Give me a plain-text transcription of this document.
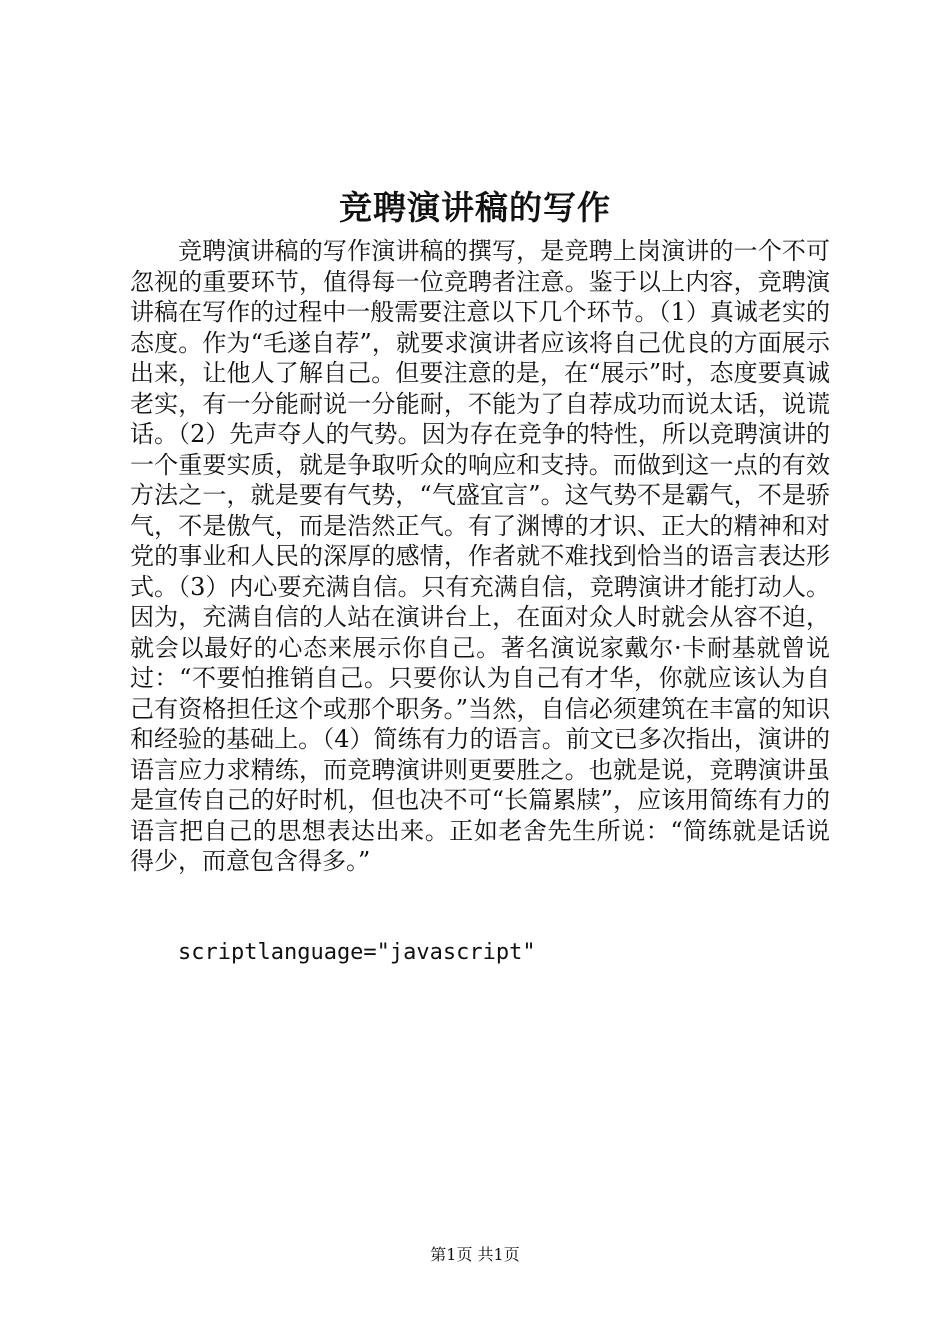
竞聘演讲稿的写作

竞聘演讲稿的写作演讲稿的撰写，是竞聘上岗演讲的一个不可忽视的重要环节，值得每一位竞聘者注意。鉴于以上内容，竞聘演讲稿在写作的过程中一般需要注意以下几个环节。（1）真诚老实的态度。作为“毛遂自荐”，就要求演讲者应该将自己优良的方面展示出来，让他人了解自己。但要注意的是，在“展示”时，态度要真诚老实，有一分能耐说一分能耐，不能为了自荐成功而说太话，说谎话。（2）先声夺人的气势。因为存在竞争的特性，所以竞聘演讲的一个重要实质，就是争取听众的响应和支持。而做到这一点的有效方法之一，就是要有气势，“气盛宜言”。这气势不是霸气，不是骄气，不是傲气，而是浩然正气。有了渊博的才识、正大的精神和对党的事业和人民的深厚的感情，作者就不难找到恰当的语言表达形式。（3）内心要充满自信。只有充满自信，竞聘演讲才能打动人。因为，充满自信的人站在演讲台上，在面对众人时就会从容不迫，就会以最好的心态来展示你自己。著名演说家戴尔·卡耐基就曾说过：“不要怕推销自己。只要你认为自己有才华，你就应该认为自己有资格担任这个或那个职务。”当然，自信必须建筑在丰富的知识和经验的基础上。（4）简练有力的语言。前文已多次指出，演讲的语言应力求精练，而竞聘演讲则更要胜之。也就是说，竞聘演讲虽是宣传自己的好时机，但也决不可“长篇累牍”，应该用简练有力的语言把自己的思想表达出来。正如老舍先生所说：“简练就是话说得少，而意包含得多。”

scriptlanguage="javascript"

第1页 共1页
